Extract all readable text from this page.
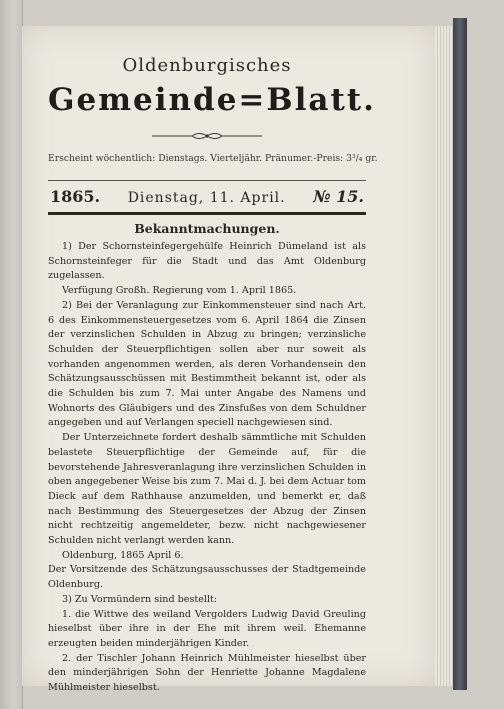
Oldenburgisches
Gemeinde=Blatt.
Erscheint wöchentlich: Dienstags. Vierteljähr. Pränumer.-Preis: 3³/₄ gr.
1865. Dienstag, 11. April. № 15.
Bekanntmachungen.

1) Der Schornsteinfegergehülfe Heinrich Dümeland ist als Schornsteinfeger für die Stadt und das Amt Oldenburg zugelassen.

Verfügung Großh. Regierung vom 1. April 1865.

2) Bei der Veranlagung zur Einkommensteuer sind nach Art. 6 des Einkommensteuergesetzes vom 6. April 1864 die Zinsen der verzinslichen Schulden in Abzug zu bringen; verzinsliche Schulden der Steuerpflichtigen sollen aber nur soweit als vorhanden angenommen werden, als deren Vorhandensein den Schätzungsausschüssen mit Bestimmtheit bekannt ist, oder als die Schulden bis zum 7. Mai unter Angabe des Namens und Wohnorts des Gläubigers und des Zinsfußes von dem Schuldner angegeben und auf Verlangen speciell nachgewiesen sind.

Der Unterzeichnete fordert deshalb sämmtliche mit Schulden belastete Steuerpflichtige der Gemeinde auf, für die bevorstehende Jahresveranlagung ihre verzinslichen Schulden in oben angegebener Weise bis zum 7. Mai d. J. bei dem Actuar tom Dieck auf dem Rathhause anzumelden, und bemerkt er, daß nach Bestimmung des Steuergesetzes der Abzug der Zinsen nicht rechtzeitig angemeldeter, bezw. nicht nachgewiesener Schulden nicht verlangt werden kann.

Oldenburg, 1865 April 6.

Der Vorsitzende des Schätzungsausschusses der Stadtgemeinde Oldenburg.

3) Zu Vormündern sind bestellt:

1. die Wittwe des weiland Vergolders Ludwig David Greuling hieselbst über ihre in der Ehe mit ihrem weil. Ehemanne erzeugten beiden minderjährigen Kinder.

2. der Tischler Johann Heinrich Mühlmeister hieselbst über den minderjährigen Sohn der Henriette Johanne Magdalene Mühlmeister hieselbst.
